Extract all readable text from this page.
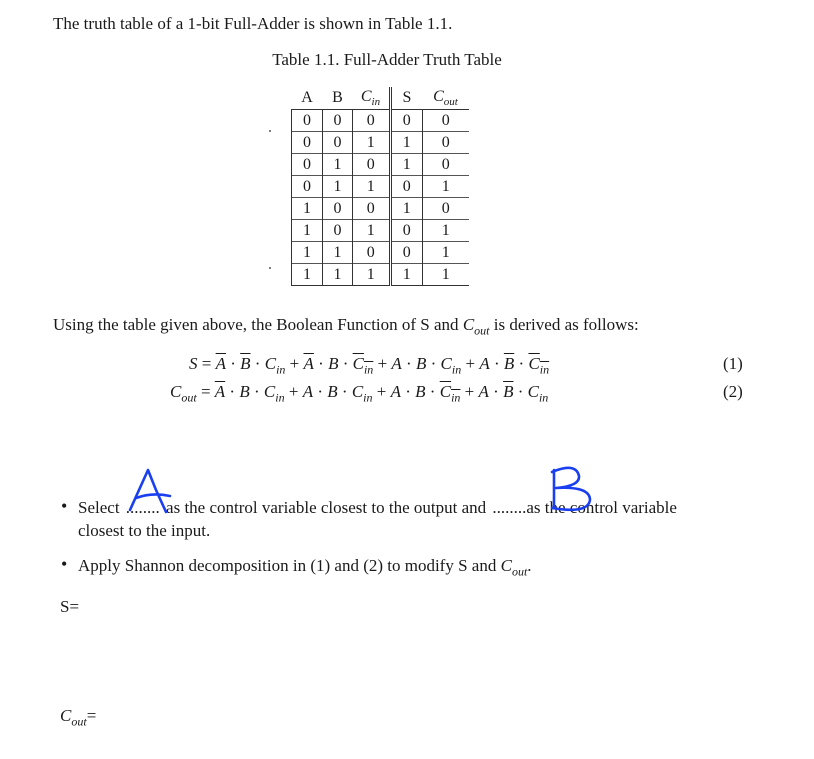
The truth table of a 1-bit Full-Adder is shown in Table 1.1.
Table 1.1. Full-Adder Truth Table
A	B	$C_{in}$	S	$C_{out}$
0	0	0	0	0
0	0	1	1	0
0	1	0	1	0
0	1	1	0	1
1	0	0	1	0
1	0	1	0	1
1	1	0	0	1
1	1	1	1	1
Using the table given above, the Boolean Function of S and $C_{out}$ is derived as follows:
$S = \overline{A} \cdot \overline{B} \cdot C_{in} + \overline{A} \cdot B \cdot C_{in} + A \cdot B \cdot C_{in} + A \cdot \overline{B} \cdot C_{in}$	(1)
$C_{out} = \overline{A} \cdot B \cdot C_{in} + A \cdot B \cdot C_{in} + A \cdot B \cdot C_{in} + A \cdot \overline{B} \cdot C_{in}$	(2)
• Select ........ as the control variable closest to the output and ........as the control variable
closest to the input.
• Apply Shannon decomposition in (1) and (2) to modify S and $C_{out}$.
S=
$C_{out}=$
